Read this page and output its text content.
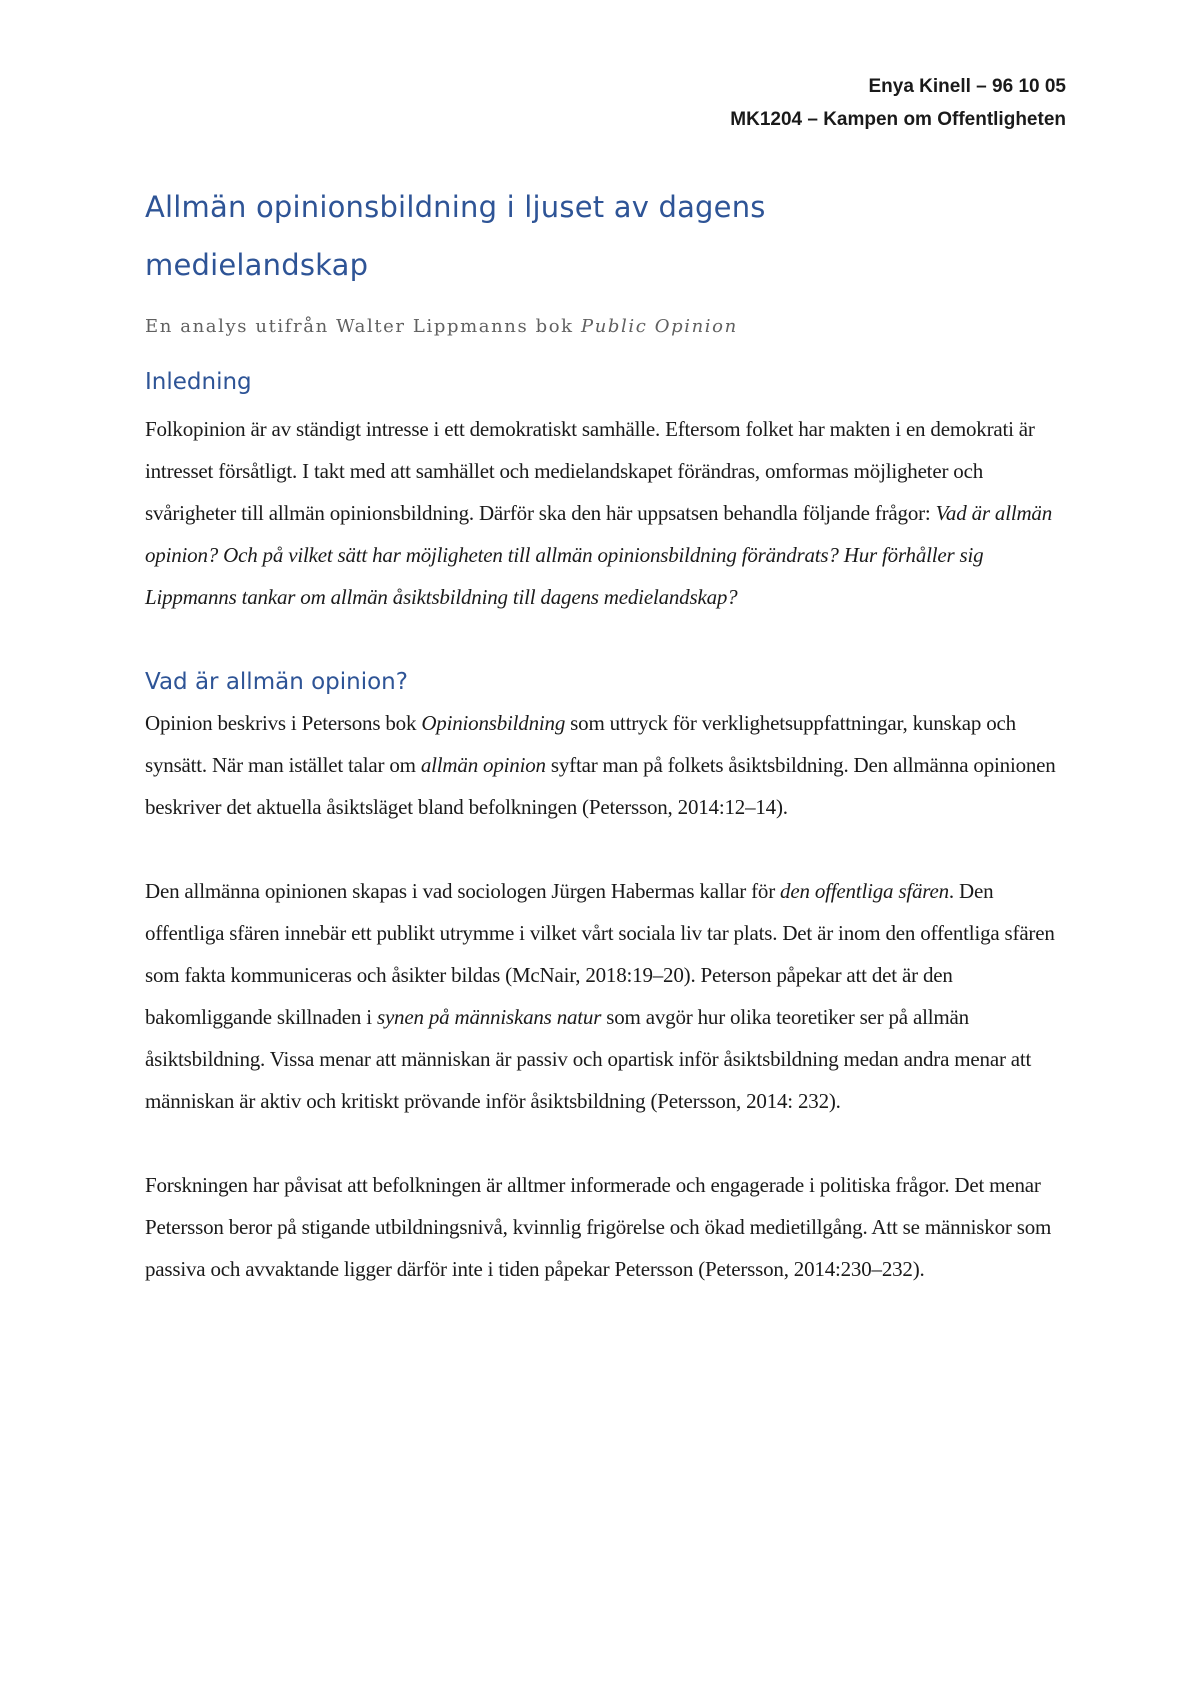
Enya Kinell – 96 10 05
MK1204 – Kampen om Offentligheten
Allmän opinionsbildning i ljuset av dagens
medielandskap

En analys utifrån Walter Lippmanns bok Public Opinion

Inledning

Folkopinion är av ständigt intresse i ett demokratiskt samhälle. Eftersom folket har makten i en demokrati är intresset försåtligt. I takt med att samhället och medielandskapet förändras, omformas möjligheter och svårigheter till allmän opinionsbildning. Därför ska den här uppsatsen behandla följande frågor: Vad är allmän opinion? Och på vilket sätt har möjligheten till allmän opinionsbildning förändrats? Hur förhåller sig Lippmanns tankar om allmän åsiktsbildning till dagens medielandskap?

Vad är allmän opinion?

Opinion beskrivs i Petersons bok Opinionsbildning som uttryck för verklighetsuppfattningar, kunskap och synsätt. När man istället talar om allmän opinion syftar man på folkets åsiktsbildning. Den allmänna opinionen beskriver det aktuella åsiktsläget bland befolkningen (Petersson, 2014:12–14).

Den allmänna opinionen skapas i vad sociologen Jürgen Habermas kallar för den offentliga sfären. Den offentliga sfären innebär ett publikt utrymme i vilket vårt sociala liv tar plats. Det är inom den offentliga sfären som fakta kommuniceras och åsikter bildas (McNair, 2018:19–20). Peterson påpekar att det är den bakomliggande skillnaden i synen på människans natur som avgör hur olika teoretiker ser på allmän åsiktsbildning. Vissa menar att människan är passiv och opartisk inför åsiktsbildning medan andra menar att människan är aktiv och kritiskt prövande inför åsiktsbildning (Petersson, 2014: 232).

Forskningen har påvisat att befolkningen är alltmer informerade och engagerade i politiska frågor. Det menar Petersson beror på stigande utbildningsnivå, kvinnlig frigörelse och ökad medietillgång. Att se människor som passiva och avvaktande ligger därför inte i tiden påpekar Petersson (Petersson, 2014:230–232).
